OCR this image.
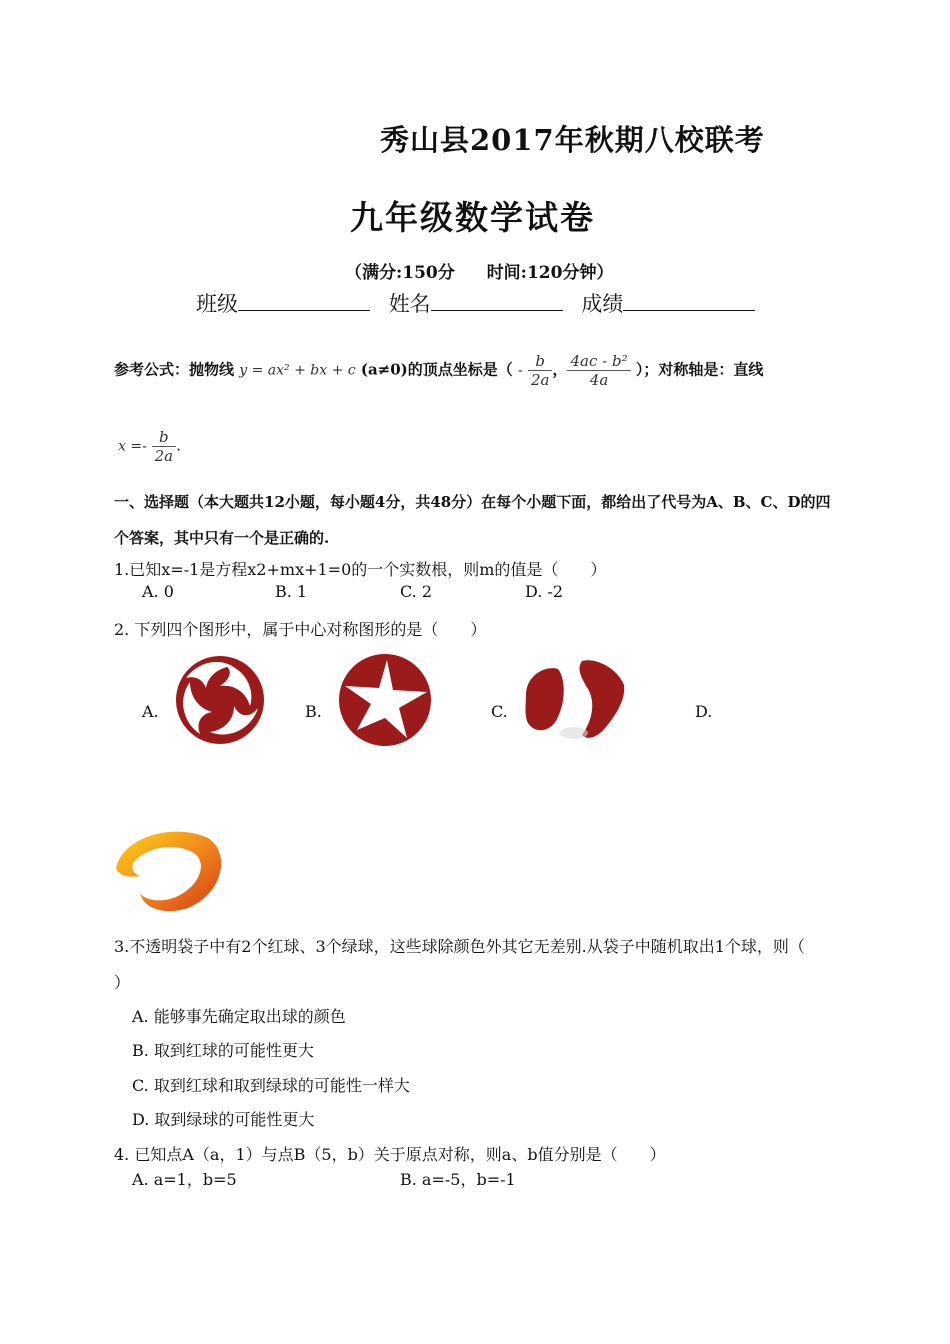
秀山县2017年秋期八校联考
九年级数学试卷
（满分:150分 时间:120分钟）
班级	姓名	成绩
参考公式：抛物线 y = ax² + bx + c (a≠0)的顶点坐标是（ - $\frac{b}{2a}$ ， $\frac{\text{4ac - b²}}{4a}$ ）；对称轴是：直线
$x =- \frac{b}{2a}$ .
一、选择题（本大题共12小题，每小题4分，共48分）在每个小题下面，都给出了代号为A、B、C、D的四个答案，其中只有一个是正确的.
1.已知x=-1是方程x2+mx+1=0的一个实数根，则m的值是（　　）
A. 0	B. 1	C. 2	D. -2
2. 下列四个图形中，属于中心对称图形的是（　　）
A.	B.	C.	D.
3.不透明袋子中有2个红球、3个绿球，这些球除颜色外其它无差别.从袋子中随机取出1个球，则（
）
A. 能够事先确定取出球的颜色
B. 取到红球的可能性更大
C. 取到红球和取到绿球的可能性一样大
D. 取到绿球的可能性更大
4. 已知点A（a，1）与点B（5，b）关于原点对称，则a、b值分别是（　　）
A. a=1，b=5	B. a=-5，b=-1
